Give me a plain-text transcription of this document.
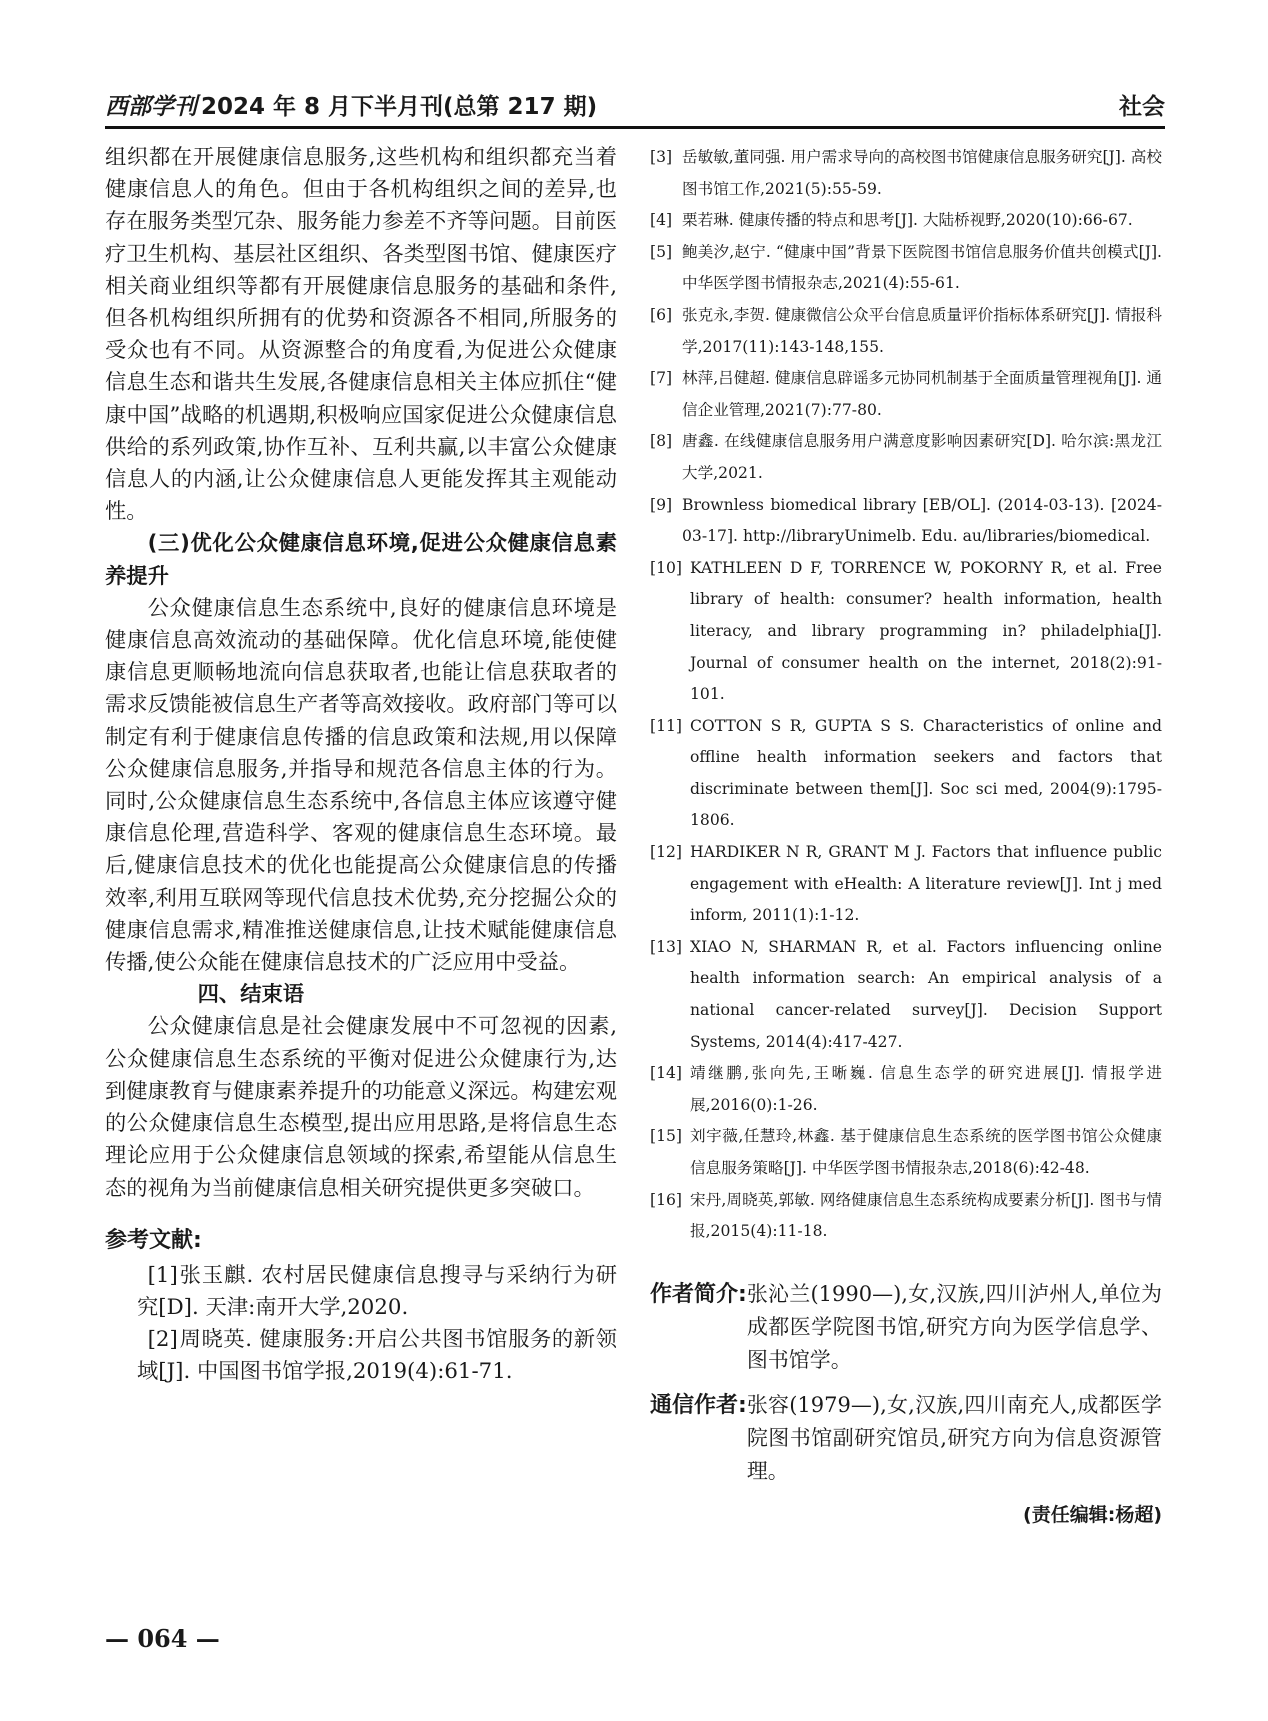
西部学刊 2024 年 8 月下半月刊(总第 217 期)	社会

组织都在开展健康信息服务,这些机构和组织都充当着健康信息人的角色。但由于各机构组织之间的差异,也存在服务类型冗杂、服务能力参差不齐等问题。目前医疗卫生机构、基层社区组织、各类型图书馆、健康医疗相关商业组织等都有开展健康信息服务的基础和条件,但各机构组织所拥有的优势和资源各不相同,所服务的受众也有不同。从资源整合的角度看,为促进公众健康信息生态和谐共生发展,各健康信息相关主体应抓住“健康中国”战略的机遇期,积极响应国家促进公众健康信息供给的系列政策,协作互补、互利共赢,以丰富公众健康信息人的内涵,让公众健康信息人更能发挥其主观能动性。

(三)优化公众健康信息环境,促进公众健康信息素养提升

公众健康信息生态系统中,良好的健康信息环境是健康信息高效流动的基础保障。优化信息环境,能使健康信息更顺畅地流向信息获取者,也能让信息获取者的需求反馈能被信息生产者等高效接收。政府部门等可以制定有利于健康信息传播的信息政策和法规,用以保障公众健康信息服务,并指导和规范各信息主体的行为。同时,公众健康信息生态系统中,各信息主体应该遵守健康信息伦理,营造科学、客观的健康信息生态环境。最后,健康信息技术的优化也能提高公众健康信息的传播效率,利用互联网等现代信息技术优势,充分挖掘公众的健康信息需求,精准推送健康信息,让技术赋能健康信息传播,使公众能在健康信息技术的广泛应用中受益。

四、结束语

公众健康信息是社会健康发展中不可忽视的因素,公众健康信息生态系统的平衡对促进公众健康行为,达到健康教育与健康素养提升的功能意义深远。构建宏观的公众健康信息生态模型,提出应用思路,是将信息生态理论应用于公众健康信息领域的探索,希望能从信息生态的视角为当前健康信息相关研究提供更多突破口。

参考文献:

[1] 张玉麒. 农村居民健康信息搜寻与采纳行为研究[D]. 天津:南开大学,2020.

[2] 周晓英. 健康服务:开启公共图书馆服务的新领域[J]. 中国图书馆学报,2019(4):61-71.

[3] 岳敏敏,董同强. 用户需求导向的高校图书馆健康信息服务研究[J]. 高校图书馆工作,2021(5):55-59.

[4] 栗若琳. 健康传播的特点和思考[J]. 大陆桥视野,2020(10):66-67.

[5] 鲍美汐,赵宁. “健康中国”背景下医院图书馆信息服务价值共创模式[J]. 中华医学图书情报杂志,2021(4):55-61.

[6] 张克永,李贺. 健康微信公众平台信息质量评价指标体系研究[J]. 情报科学,2017(11):143-148,155.

[7] 林萍,吕健超. 健康信息辟谣多元协同机制基于全面质量管理视角[J]. 通信企业管理,2021(7):77-80.

[8] 唐鑫. 在线健康信息服务用户满意度影响因素研究[D]. 哈尔滨:黑龙江大学,2021.

[9] Brownless biomedical library [EB/OL]. (2014-03-13). [2024-03-17]. http://libraryUnimelb. Edu. au/libraries/biomedical.

[10] KATHLEEN D F, TORRENCE W, POKORNY R, et al. Free library of health: consumer? health information, health literacy, and library programming in? philadelphia[J]. Journal of consumer health on the internet, 2018(2):91-101.

[11] COTTON S R, GUPTA S S. Characteristics of online and offline health information seekers and factors that discriminate between them[J]. Soc sci med, 2004(9):1795-1806.

[12] HARDIKER N R, GRANT M J. Factors that influence public engagement with eHealth: A literature review[J]. Int j med inform, 2011(1):1-12.

[13] XIAO N, SHARMAN R, et al. Factors influencing online health information search: An empirical analysis of a national cancer-related survey[J]. Decision Support Systems, 2014(4):417-427.

[14] 靖继鹏,张向先,王晰巍. 信息生态学的研究进展[J]. 情报学进展,2016(0):1-26.

[15] 刘宇薇,任慧玲,林鑫. 基于健康信息生态系统的医学图书馆公众健康信息服务策略[J]. 中华医学图书情报杂志,2018(6):42-48.

[16] 宋丹,周晓英,郭敏. 网络健康信息生态系统构成要素分析[J]. 图书与情报,2015(4):11-18.

作者简介: 张沁兰(1990—),女,汉族,四川泸州人,单位为成都医学院图书馆,研究方向为医学信息学、图书馆学。
通信作者: 张容(1979—),女,汉族,四川南充人,成都医学院图书馆副研究馆员,研究方向为信息资源管理。
(责任编辑:杨超)
— 064 —
